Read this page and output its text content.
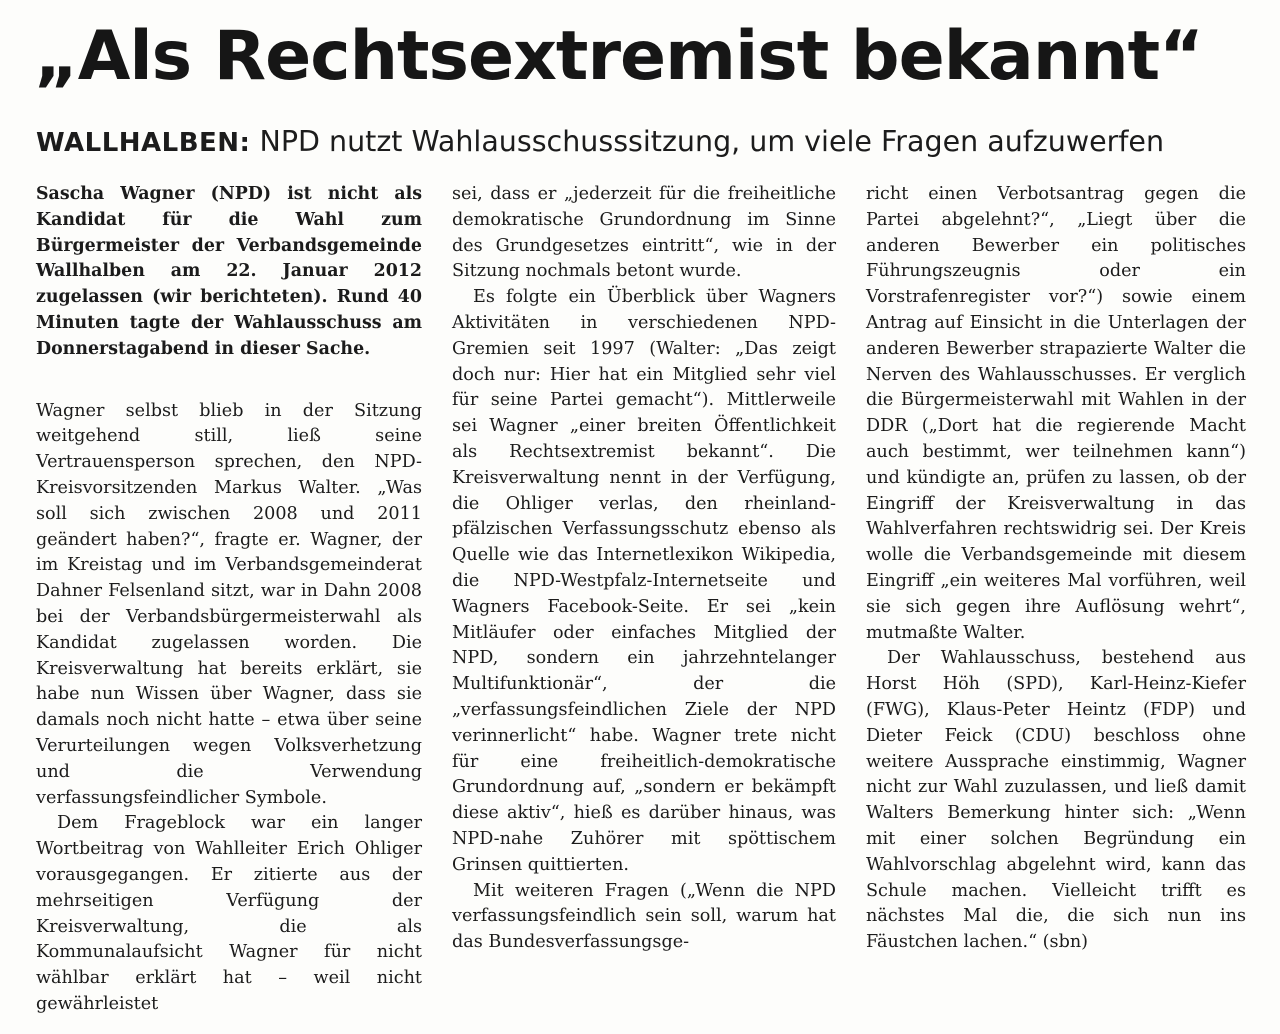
„Als Rechtsextremist bekannt“
WALLHALBEN: NPD nutzt Wahlausschusssitzung, um viele Fragen aufzuwerfen

Sascha Wagner (NPD) ist nicht als Kandidat für die Wahl zum Bürgermeister der Verbandsgemeinde Wallhalben am 22. Januar 2012 zugelassen (wir berichteten). Rund 40 Minuten tagte der Wahlausschuss am Donnerstagabend in dieser Sache.

Wagner selbst blieb in der Sitzung weitgehend still, ließ seine Vertrauensperson sprechen, den NPD-Kreisvorsitzenden Markus Walter. „Was soll sich zwischen 2008 und 2011 geändert haben?“, fragte er. Wagner, der im Kreistag und im Verbandsgemeinderat Dahner Felsenland sitzt, war in Dahn 2008 bei der Verbandsbürgermeisterwahl als Kandidat zugelassen worden. Die Kreisverwaltung hat bereits erklärt, sie habe nun Wissen über Wagner, dass sie damals noch nicht hatte – etwa über seine Verurteilungen wegen Volksverhetzung und die Verwendung verfassungsfeindlicher Symbole.

Dem Frageblock war ein langer Wortbeitrag von Wahlleiter Erich Ohliger vorausgegangen. Er zitierte aus der mehrseitigen Verfügung der Kreisverwaltung, die als Kommunalaufsicht Wagner für nicht wählbar erklärt hat – weil nicht gewährleistet

sei, dass er „jederzeit für die freiheitliche demokratische Grundordnung im Sinne des Grundgesetzes eintritt“, wie in der Sitzung nochmals betont wurde.

Es folgte ein Überblick über Wagners Aktivitäten in verschiedenen NPD-Gremien seit 1997 (Walter: „Das zeigt doch nur: Hier hat ein Mitglied sehr viel für seine Partei gemacht“). Mittlerweile sei Wagner „einer breiten Öffentlichkeit als Rechtsextremist bekannt“. Die Kreisverwaltung nennt in der Verfügung, die Ohliger verlas, den rheinland-pfälzischen Verfassungsschutz ebenso als Quelle wie das Internetlexikon Wikipedia, die NPD-Westpfalz-Internetseite und Wagners Facebook-Seite. Er sei „kein Mitläufer oder einfaches Mitglied der NPD, sondern ein jahrzehntelanger Multifunktionär“, der die „verfassungsfeindlichen Ziele der NPD verinnerlicht“ habe. Wagner trete nicht für eine freiheitlich-demokratische Grundordnung auf, „sondern er bekämpft diese aktiv“, hieß es darüber hinaus, was NPD-nahe Zuhörer mit spöttischem Grinsen quittierten.

Mit weiteren Fragen („Wenn die NPD verfassungsfeindlich sein soll, warum hat das Bundesverfassungsge-

richt einen Verbotsantrag gegen die Partei abgelehnt?“, „Liegt über die anderen Bewerber ein politisches Führungszeugnis oder ein Vorstrafenregister vor?“) sowie einem Antrag auf Einsicht in die Unterlagen der anderen Bewerber strapazierte Walter die Nerven des Wahlausschusses. Er verglich die Bürgermeisterwahl mit Wahlen in der DDR („Dort hat die regierende Macht auch bestimmt, wer teilnehmen kann“) und kündigte an, prüfen zu lassen, ob der Eingriff der Kreisverwaltung in das Wahlverfahren rechtswidrig sei. Der Kreis wolle die Verbandsgemeinde mit diesem Eingriff „ein weiteres Mal vorführen, weil sie sich gegen ihre Auflösung wehrt“, mutmaßte Walter.

Der Wahlausschuss, bestehend aus Horst Höh (SPD), Karl-Heinz-Kiefer (FWG), Klaus-Peter Heintz (FDP) und Dieter Feick (CDU) beschloss ohne weitere Aussprache einstimmig, Wagner nicht zur Wahl zuzulassen, und ließ damit Walters Bemerkung hinter sich: „Wenn mit einer solchen Begründung ein Wahlvorschlag abgelehnt wird, kann das Schule machen. Vielleicht trifft es nächstes Mal die, die sich nun ins Fäustchen lachen.“ (sbn)
